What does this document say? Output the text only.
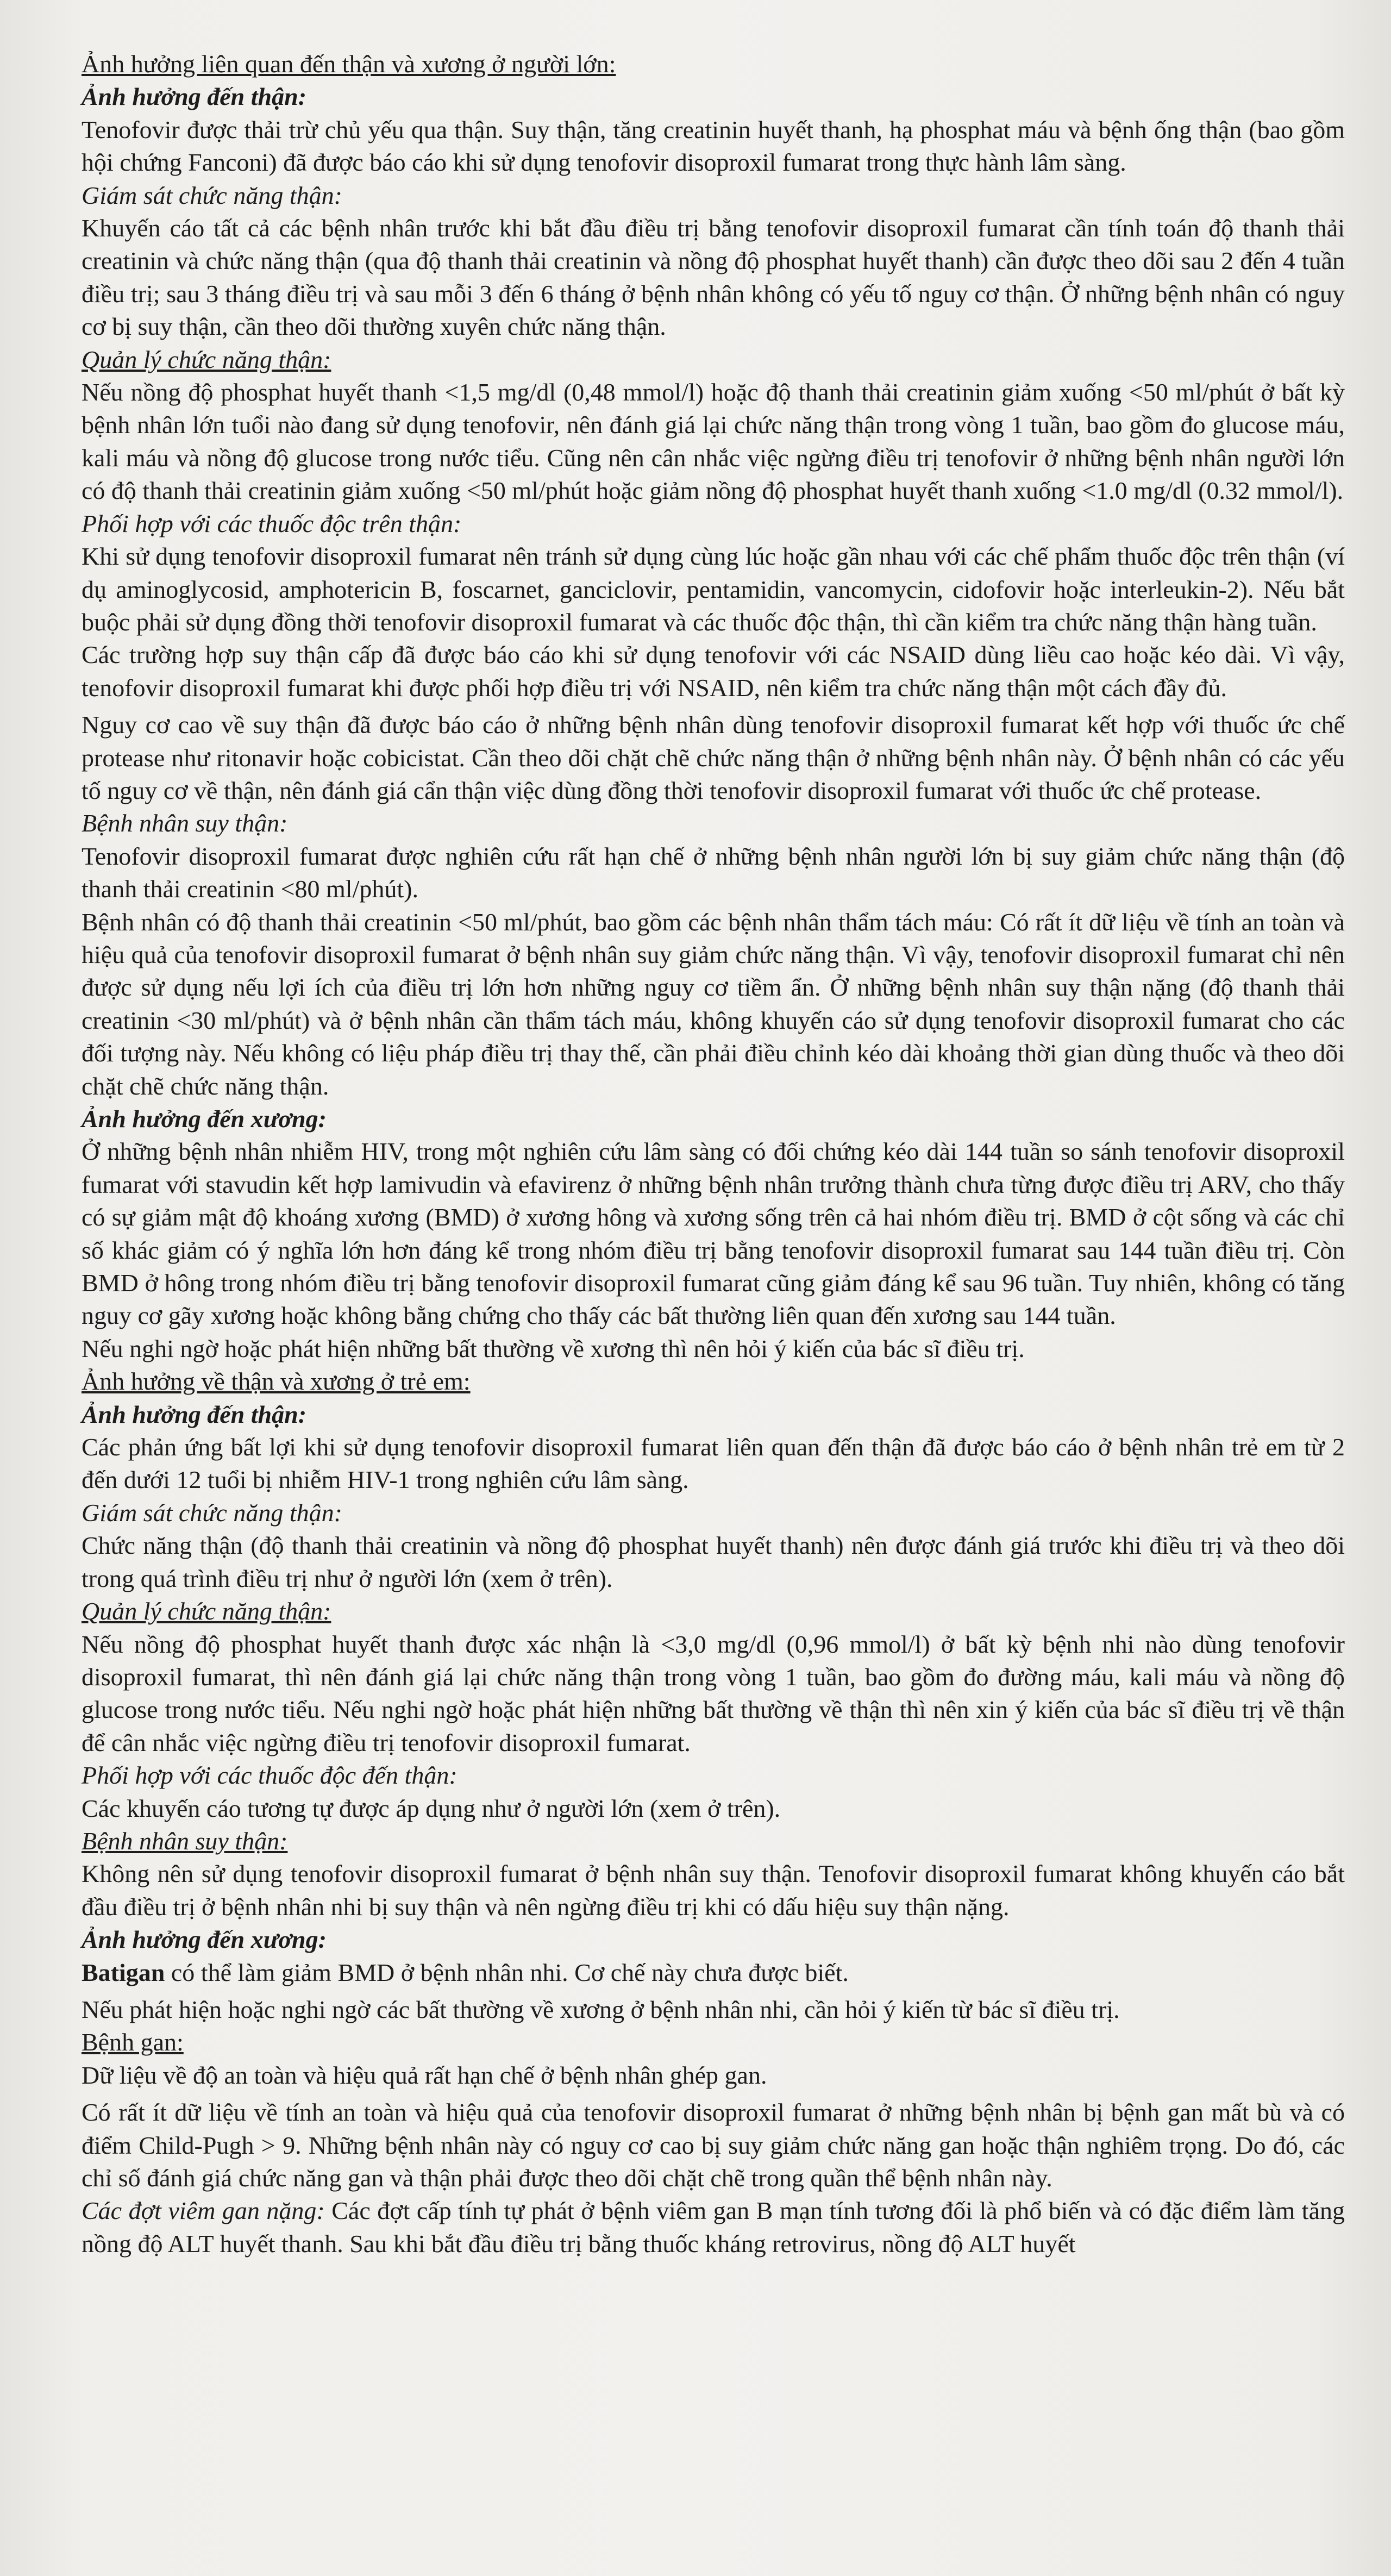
Ảnh hưởng liên quan đến thận và xương ở người lớn:

Ảnh hưởng đến thận:

Tenofovir được thải trừ chủ yếu qua thận. Suy thận, tăng creatinin huyết thanh, hạ phosphat máu và bệnh ống thận (bao gồm hội chứng Fanconi) đã được báo cáo khi sử dụng tenofovir disoproxil fumarat trong thực hành lâm sàng.

Giám sát chức năng thận:

Khuyến cáo tất cả các bệnh nhân trước khi bắt đầu điều trị bằng tenofovir disoproxil fumarat cần tính toán độ thanh thải creatinin và chức năng thận (qua độ thanh thải creatinin và nồng độ phosphat huyết thanh) cần được theo dõi sau 2 đến 4 tuần điều trị; sau 3 tháng điều trị và sau mỗi 3 đến 6 tháng ở bệnh nhân không có yếu tố nguy cơ thận. Ở những bệnh nhân có nguy cơ bị suy thận, cần theo dõi thường xuyên chức năng thận.

Quản lý chức năng thận:

Nếu nồng độ phosphat huyết thanh <1,5 mg/dl (0,48 mmol/l) hoặc độ thanh thải creatinin giảm xuống <50 ml/phút ở bất kỳ bệnh nhân lớn tuổi nào đang sử dụng tenofovir, nên đánh giá lại chức năng thận trong vòng 1 tuần, bao gồm đo glucose máu, kali máu và nồng độ glucose trong nước tiểu. Cũng nên cân nhắc việc ngừng điều trị tenofovir ở những bệnh nhân người lớn có độ thanh thải creatinin giảm xuống <50 ml/phút hoặc giảm nồng độ phosphat huyết thanh xuống <1.0 mg/dl (0.32 mmol/l).

Phối hợp với các thuốc độc trên thận:

Khi sử dụng tenofovir disoproxil fumarat nên tránh sử dụng cùng lúc hoặc gần nhau với các chế phẩm thuốc độc trên thận (ví dụ aminoglycosid, amphotericin B, foscarnet, ganciclovir, pentamidin, vancomycin, cidofovir hoặc interleukin-2). Nếu bắt buộc phải sử dụng đồng thời tenofovir disoproxil fumarat và các thuốc độc thận, thì cần kiểm tra chức năng thận hàng tuần.

Các trường hợp suy thận cấp đã được báo cáo khi sử dụng tenofovir với các NSAID dùng liều cao hoặc kéo dài. Vì vậy, tenofovir disoproxil fumarat khi được phối hợp điều trị với NSAID, nên kiểm tra chức năng thận một cách đầy đủ.

Nguy cơ cao về suy thận đã được báo cáo ở những bệnh nhân dùng tenofovir disoproxil fumarat kết hợp với thuốc ức chế protease như ritonavir hoặc cobicistat. Cần theo dõi chặt chẽ chức năng thận ở những bệnh nhân này. Ở bệnh nhân có các yếu tố nguy cơ về thận, nên đánh giá cẩn thận việc dùng đồng thời tenofovir disoproxil fumarat với thuốc ức chế protease.

Bệnh nhân suy thận:

Tenofovir disoproxil fumarat được nghiên cứu rất hạn chế ở những bệnh nhân người lớn bị suy giảm chức năng thận (độ thanh thải creatinin <80 ml/phút).

Bệnh nhân có độ thanh thải creatinin <50 ml/phút, bao gồm các bệnh nhân thẩm tách máu: Có rất ít dữ liệu về tính an toàn và hiệu quả của tenofovir disoproxil fumarat ở bệnh nhân suy giảm chức năng thận. Vì vậy, tenofovir disoproxil fumarat chỉ nên được sử dụng nếu lợi ích của điều trị lớn hơn những nguy cơ tiềm ẩn. Ở những bệnh nhân suy thận nặng (độ thanh thải creatinin <30 ml/phút) và ở bệnh nhân cần thẩm tách máu, không khuyến cáo sử dụng tenofovir disoproxil fumarat cho các đối tượng này. Nếu không có liệu pháp điều trị thay thế, cần phải điều chỉnh kéo dài khoảng thời gian dùng thuốc và theo dõi chặt chẽ chức năng thận.

Ảnh hưởng đến xương:

Ở những bệnh nhân nhiễm HIV, trong một nghiên cứu lâm sàng có đối chứng kéo dài 144 tuần so sánh tenofovir disoproxil fumarat với stavudin kết hợp lamivudin và efavirenz ở những bệnh nhân trưởng thành chưa từng được điều trị ARV, cho thấy có sự giảm mật độ khoáng xương (BMD) ở xương hông và xương sống trên cả hai nhóm điều trị. BMD ở cột sống và các chỉ số khác giảm có ý nghĩa lớn hơn đáng kể trong nhóm điều trị bằng tenofovir disoproxil fumarat sau 144 tuần điều trị. Còn BMD ở hông trong nhóm điều trị bằng tenofovir disoproxil fumarat cũng giảm đáng kể sau 96 tuần. Tuy nhiên, không có tăng nguy cơ gãy xương hoặc không bằng chứng cho thấy các bất thường liên quan đến xương sau 144 tuần.

Nếu nghi ngờ hoặc phát hiện những bất thường về xương thì nên hỏi ý kiến của bác sĩ điều trị.

Ảnh hưởng về thận và xương ở trẻ em:

Ảnh hưởng đến thận:

Các phản ứng bất lợi khi sử dụng tenofovir disoproxil fumarat liên quan đến thận đã được báo cáo ở bệnh nhân trẻ em từ 2 đến dưới 12 tuổi bị nhiễm HIV-1 trong nghiên cứu lâm sàng.

Giám sát chức năng thận:

Chức năng thận (độ thanh thải creatinin và nồng độ phosphat huyết thanh) nên được đánh giá trước khi điều trị và theo dõi trong quá trình điều trị như ở người lớn (xem ở trên).

Quản lý chức năng thận:

Nếu nồng độ phosphat huyết thanh được xác nhận là <3,0 mg/dl (0,96 mmol/l) ở bất kỳ bệnh nhi nào dùng tenofovir disoproxil fumarat, thì nên đánh giá lại chức năng thận trong vòng 1 tuần, bao gồm đo đường máu, kali máu và nồng độ glucose trong nước tiểu. Nếu nghi ngờ hoặc phát hiện những bất thường về thận thì nên xin ý kiến của bác sĩ điều trị về thận để cân nhắc việc ngừng điều trị tenofovir disoproxil fumarat.

Phối hợp với các thuốc độc đến thận:

Các khuyến cáo tương tự được áp dụng như ở người lớn (xem ở trên).

Bệnh nhân suy thận:

Không nên sử dụng tenofovir disoproxil fumarat ở bệnh nhân suy thận. Tenofovir disoproxil fumarat không khuyến cáo bắt đầu điều trị ở bệnh nhân nhi bị suy thận và nên ngừng điều trị khi có dấu hiệu suy thận nặng.

Ảnh hưởng đến xương:

Batigan có thể làm giảm BMD ở bệnh nhân nhi. Cơ chế này chưa được biết.

Nếu phát hiện hoặc nghi ngờ các bất thường về xương ở bệnh nhân nhi, cần hỏi ý kiến từ bác sĩ điều trị.

Bệnh gan:

Dữ liệu về độ an toàn và hiệu quả rất hạn chế ở bệnh nhân ghép gan.

Có rất ít dữ liệu về tính an toàn và hiệu quả của tenofovir disoproxil fumarat ở những bệnh nhân bị bệnh gan mất bù và có điểm Child-Pugh > 9. Những bệnh nhân này có nguy cơ cao bị suy giảm chức năng gan hoặc thận nghiêm trọng. Do đó, các chỉ số đánh giá chức năng gan và thận phải được theo dõi chặt chẽ trong quần thể bệnh nhân này.

Các đợt viêm gan nặng: Các đợt cấp tính tự phát ở bệnh viêm gan B mạn tính tương đối là phổ biến và có đặc điểm làm tăng nồng độ ALT huyết thanh. Sau khi bắt đầu điều trị bằng thuốc kháng retrovirus, nồng độ ALT huyết
